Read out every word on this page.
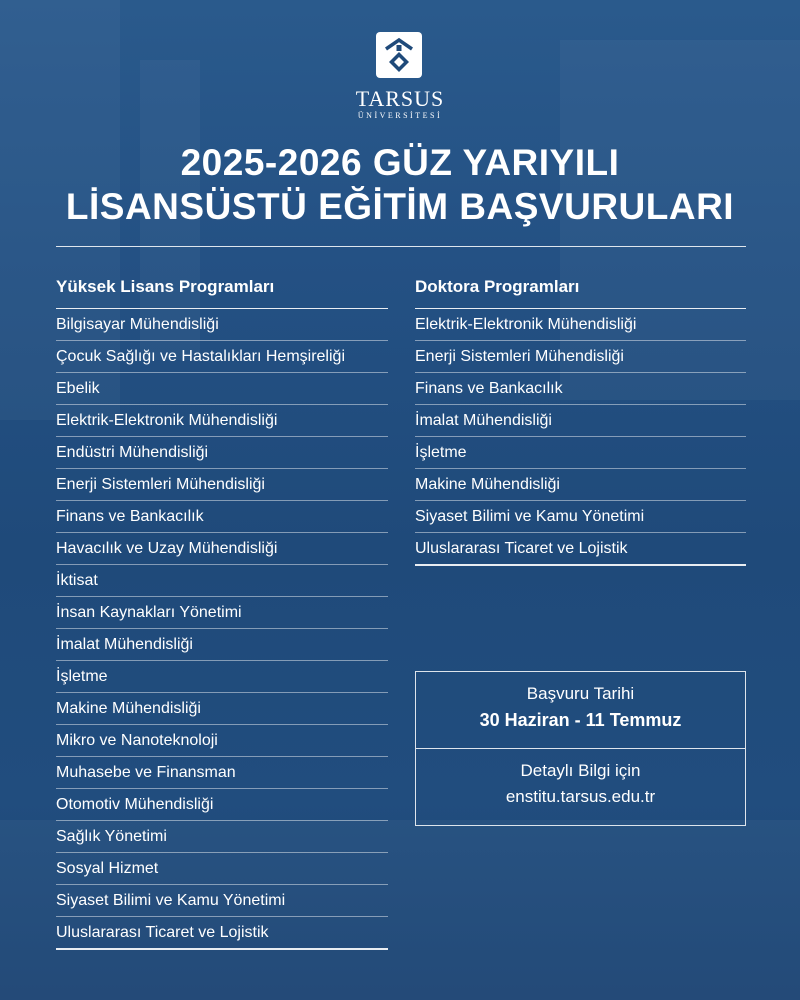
TARSUS
ÜNİVERSİTESİ
2025-2026 GÜZ YARIYILI
LİSANSÜSTÜ EĞİTİM BAŞVURULARI
Yüksek Lisans Programları
Bilgisayar Mühendisliği
Çocuk Sağlığı ve Hastalıkları Hemşireliği
Ebelik
Elektrik-Elektronik Mühendisliği
Endüstri Mühendisliği
Enerji Sistemleri Mühendisliği
Finans ve Bankacılık
Havacılık ve Uzay Mühendisliği
İktisat
İnsan Kaynakları Yönetimi
İmalat Mühendisliği
İşletme
Makine Mühendisliği
Mikro ve Nanoteknoloji
Muhasebe ve Finansman
Otomotiv Mühendisliği
Sağlık Yönetimi
Sosyal Hizmet
Siyaset Bilimi ve Kamu Yönetimi
Uluslararası Ticaret ve Lojistik
Doktora Programları
Elektrik-Elektronik Mühendisliği
Enerji Sistemleri Mühendisliği
Finans ve Bankacılık
İmalat Mühendisliği
İşletme
Makine Mühendisliği
Siyaset Bilimi ve Kamu Yönetimi
Uluslararası Ticaret ve Lojistik
Başvuru Tarihi
30 Haziran - 11 Temmuz
Detaylı Bilgi için
enstitu.tarsus.edu.tr
